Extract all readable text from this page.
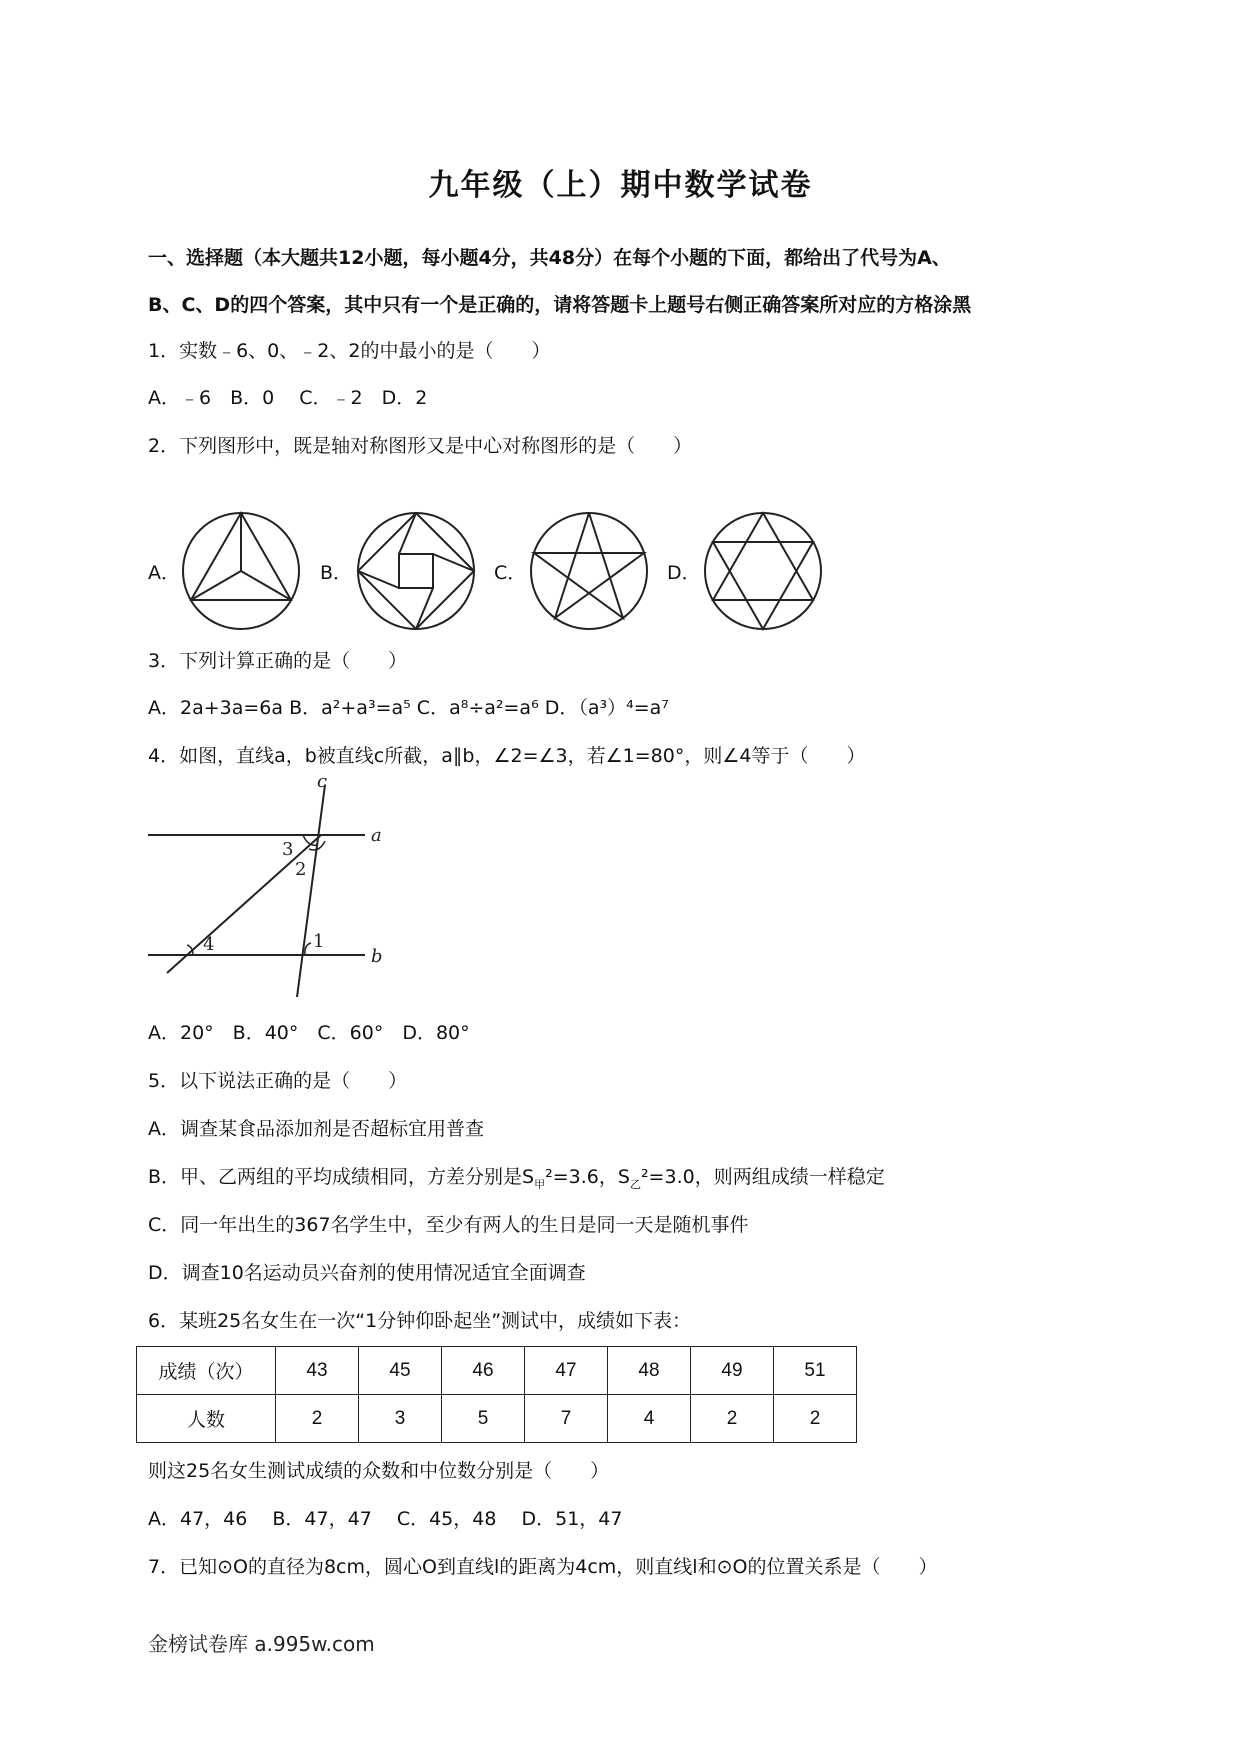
九年级（上）期中数学试卷
一、选择题（本大题共12小题，每小题4分，共48分）在每个小题的下面，都给出了代号为A、
B、C、D的四个答案，其中只有一个是正确的，请将答题卡上题号右侧正确答案所对应的方格涂黑
1．实数﹣6、0、﹣2、2的中最小的是（　　）
A．﹣6　B．0　 C．﹣2　D．2
2．下列图形中，既是轴对称图形又是中心对称图形的是（　　）
A．	B．	C．	D．
3．下列计算正确的是（　　）
A．2a+3a=6a B．a²+a³=a⁵ C．a⁸÷a²=a⁶ D．（a³）⁴=a⁷
4．如图，直线a，b被直线c所截，a∥b，∠2=∠3，若∠1=80°，则∠4等于（　　）
c
a
b
3
2
1
4
A．20°　B．40°　C．60°　D．80°
5．以下说法正确的是（　　）
A．调查某食品添加剂是否超标宜用普查
B．甲、乙两组的平均成绩相同，方差分别是$S_甲^2=3.6$，$S_乙^2=3.0$，则两组成绩一样稳定
C．同一年出生的367名学生中，至少有两人的生日是同一天是随机事件
D．调查10名运动员兴奋剂的使用情况适宜全面调查
6．某班25名女生在一次“1分钟仰卧起坐”测试中，成绩如下表：
成绩（次）	43	45	46	47	48	49	51
人数	2	3	5	7	4	2	2
则这25名女生测试成绩的众数和中位数分别是（　　）
A．47，46　 B．47，47　 C．45，48　 D．51，47
7．已知⊙O的直径为8cm，圆心O到直线l的距离为4cm，则直线l和⊙O的位置关系是（　　）
金榜试卷库 a.995w.com
